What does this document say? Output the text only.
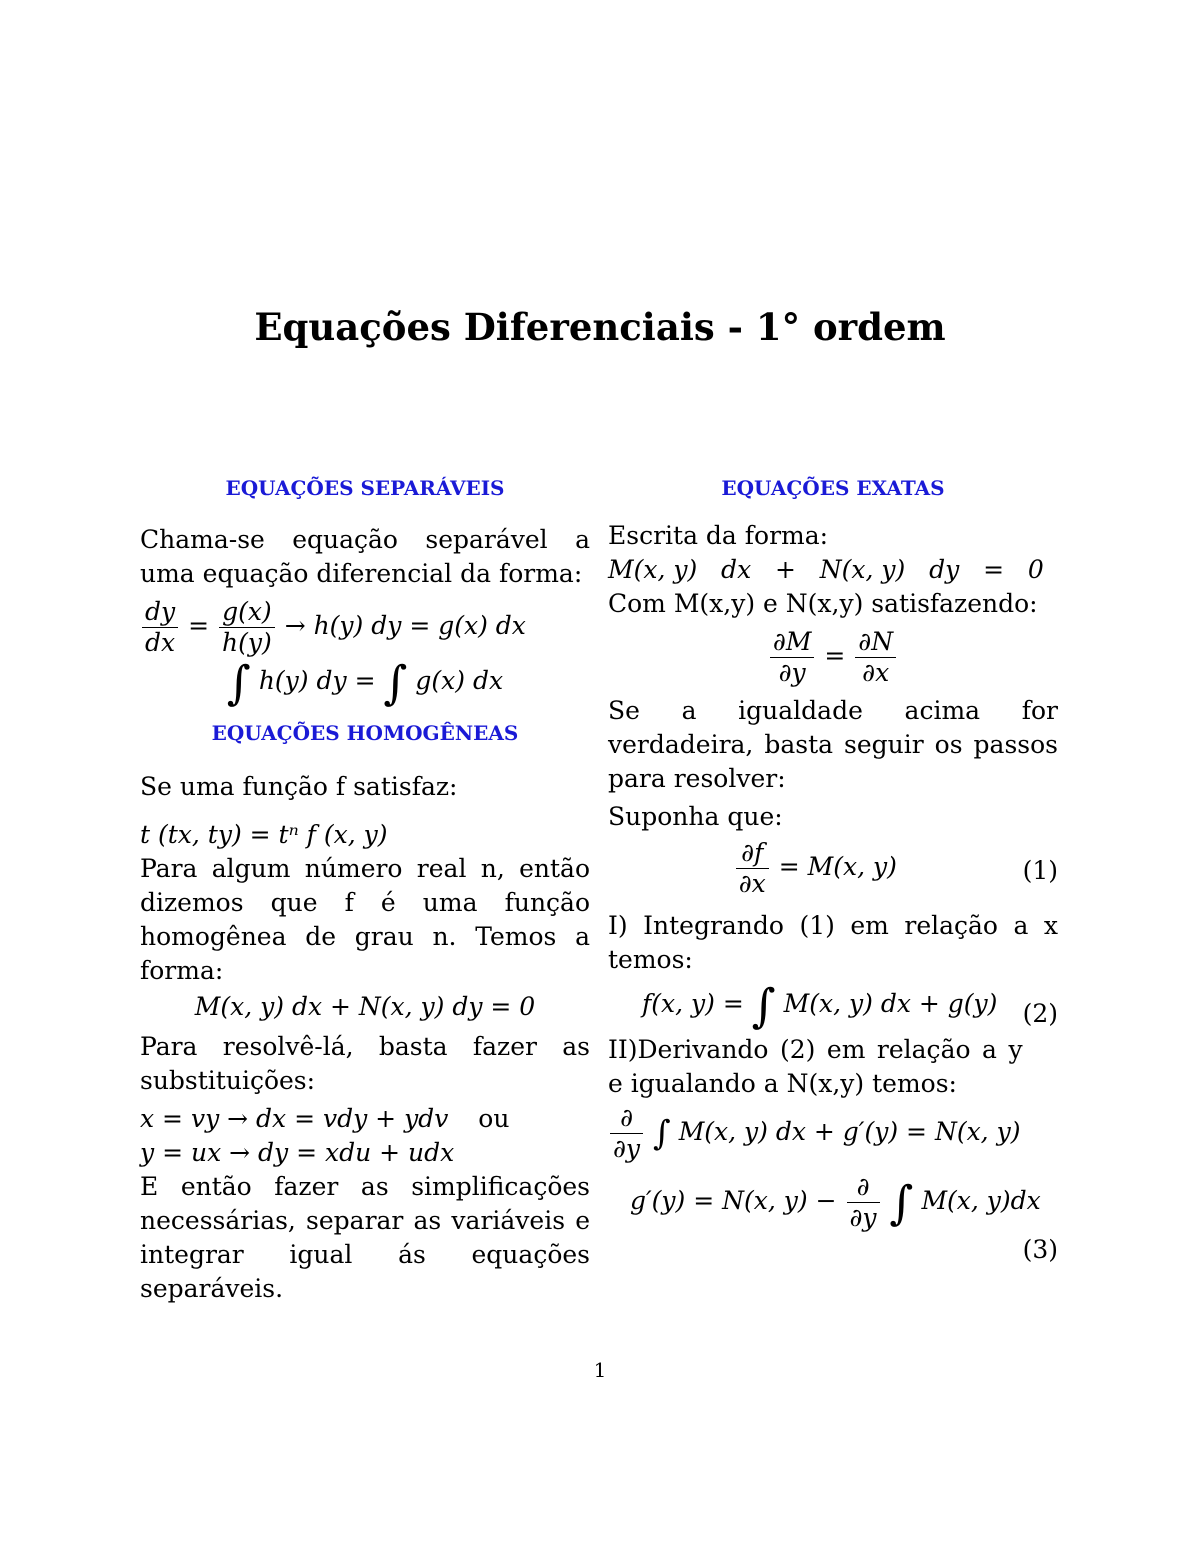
Equações Diferenciais - 1° ordem

EQUAÇÕES SEPARÁVEIS

Chama-se equação separável a uma equação diferencial da forma:

$\frac{dy}{dx} = \frac{g(x)}{h(y)} \to h(y)$ dy = g(x) dx

∫ h(y) dy = ∫ g(x) dx

EQUAÇÕES HOMOGÊNEAS

Se uma função f satisfaz:

t (tx, ty) = tⁿ f (x, y)

Para algum número real n, então dizemos que f é uma função homogênea de grau n. Temos a forma:

M(x, y) dx + N(x, y) dy = 0

Para resolvê-lá, basta fazer as substituições:

x = vy → dx = vdy + ydv ou

y = ux → dy = xdu + udx

E então fazer as simplificações necessárias, separar as variáveis e integrar igual ás equações separáveis.

EQUAÇÕES EXATAS

Escrita da forma:

M(x, y)   dx   +   N(x, y)   dy   =   0

Com M(x,y) e N(x,y) satisfazendo:

$\frac{\partial M}{\partial y} = \frac{\partial N}{\partial x}$

Se a igualdade acima for verdadeira, basta seguir os passos para resolver:

Suponha que:

(1)
$\frac{\partial f}{\partial x} = M(x$, y)

I) Integrando (1) em relação a x temos:

(2)
f(x, y) = ∫ M(x, y) dx + g(y)

II)Derivando (2) em relação a y e igualando a N(x,y) temos:

$\frac{\partial}{\partial y}$ ∫ M(x, y) dx + g′(y) = N(x, y)

g′(y) = N(x, $y) - \frac{\partial}{\partial y}$ ∫ M(x, y)dx

(3)

1
